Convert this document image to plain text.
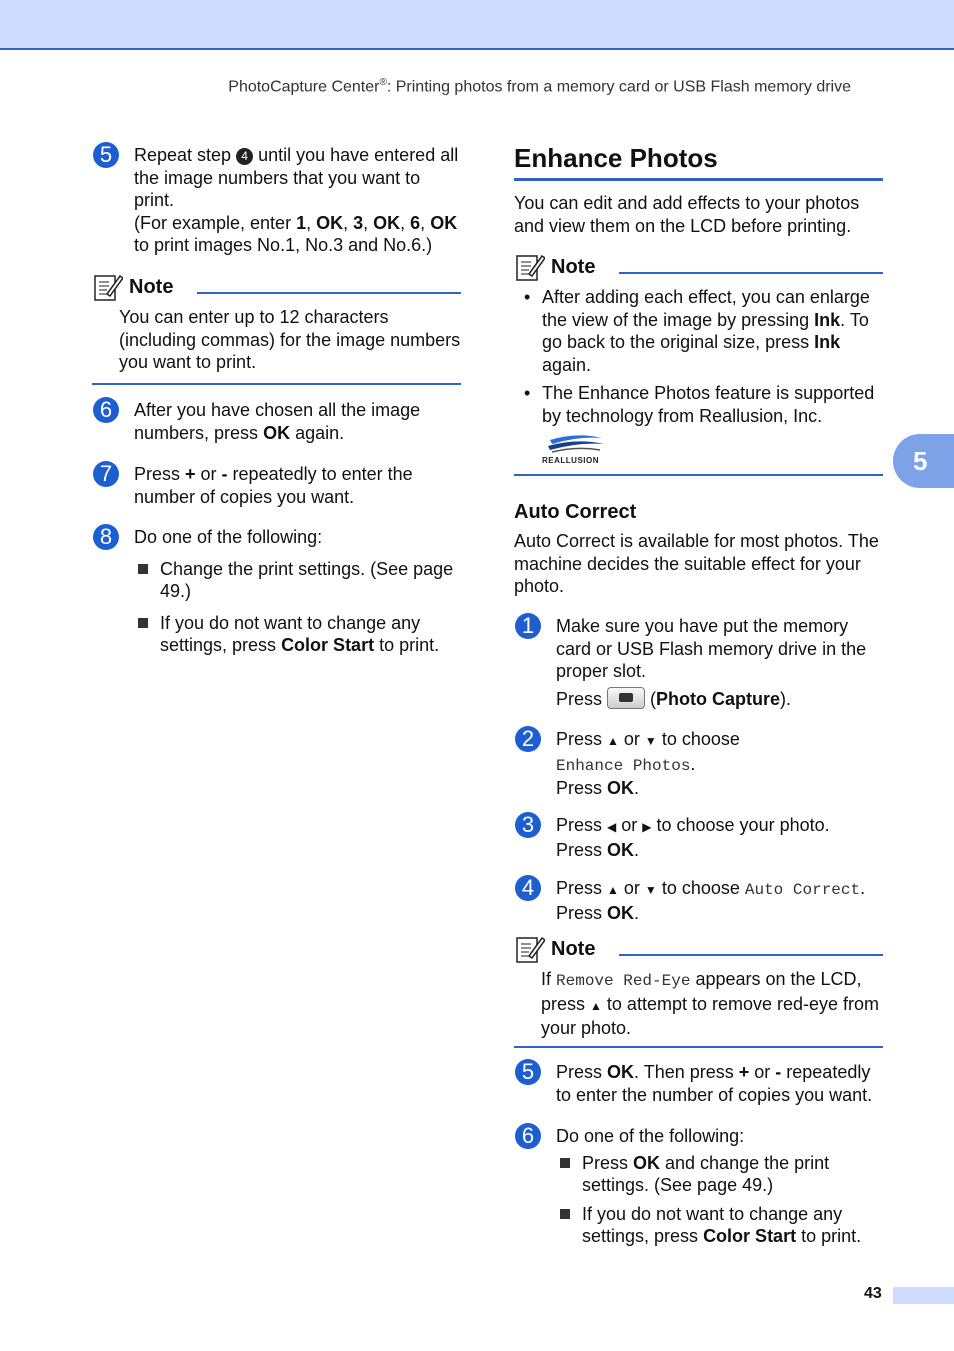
PhotoCapture Center®: Printing photos from a memory card or USB Flash memory drive
5	Repeat step 4 until you have entered all the image numbers that you want to print.
(For example, enter 1, OK, 3, OK, 6, OK
to print images No.1, No.3 and No.6.)
Note
You can enter up to 12 characters (including commas) for the image numbers you want to print.
6	After you have chosen all the image numbers, press OK again.
7	Press + or - repeatedly to enter the number of copies you want.
8	Do one of the following:
Change the print settings. (See page 49.)
If you do not want to change any settings, press Color Start to print.
Enhance Photos
You can edit and add effects to your photos and view them on the LCD before printing.
Note
• After adding each effect, you can enlarge the view of the image by pressing Ink. To go back to the original size, press Ink again.
• The Enhance Photos feature is supported by technology from Reallusion, Inc.
REALLUSION
Auto Correct
Auto Correct is available for most photos. The machine decides the suitable effect for your photo.
1	Make sure you have put the memory card or USB Flash memory drive in the proper slot.
Press  (Photo Capture).
2	Press ▲ or ▼ to choose
Enhance Photos.
Press OK.
3	Press ◀ or ▶ to choose your photo.
Press OK.
4	Press ▲ or ▼ to choose Auto Correct.
Press OK.
Note
If Remove Red-Eye appears on the LCD, press ▲ to attempt to remove red-eye from your photo.
5	Press OK. Then press + or - repeatedly to enter the number of copies you want.
6	Do one of the following:
Press OK and change the print settings. (See page 49.)
If you do not want to change any settings, press Color Start to print.
5
43
